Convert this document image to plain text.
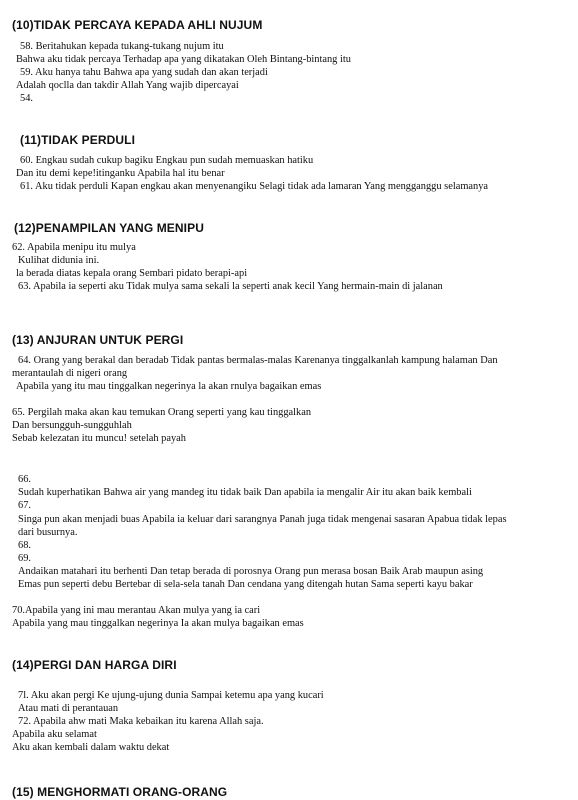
(10)TIDAK PERCAYA KEPADA AHLI NUJUM
58. Beritahukan kepada tukang-tukang nujum itu
Bahwa aku tidak percaya Terhadap apa yang dikatakan Oleh Bintang-bintang itu
59. Aku hanya tahu Bahwa apa yang sudah dan akan terjadi
Adalah qoclla dan takdir Allah Yang wajib dipercayai
54.
(11)TIDAK PERDULI
60. Engkau sudah cukup bagiku Engkau pun sudah memuaskan hatiku
Dan itu demi kepe!itinganku Apabila hal itu benar
61. Aku tidak perduli Kapan engkau akan menyenangiku Selagi tidak ada lamaran Yang mengganggu selamanya
(12)PENAMPILAN YANG MENIPU
62. Apabila menipu itu mulya
Kulihat didunia ini.
la berada diatas kepala orang Sembari pidato berapi-api
63. Apabila ia seperti aku Tidak mulya sama sekali la seperti anak kecil Yang hermain-main di jalanan
(13) ANJURAN UNTUK PERGI
64. Orang yang berakal dan beradab Tidak pantas bermalas-malas Karenanya tinggalkanlah kampung halaman Dan
merantaulah di nigeri orang
Apabila yang itu mau tinggalkan negerinya la akan rnulya bagaikan emas
65. Pergilah maka akan kau temukan Orang seperti yang kau tinggalkan
Dan bersungguh-sungguhlah
Sebab kelezatan itu muncu! setelah payah
66.
Sudah kuperhatikan Bahwa air yang mandeg itu tidak baik Dan apabila ia mengalir Air itu akan baik kembali
67.
Singa pun akan menjadi buas Apabila ia keluar dari sarangnya Panah juga tidak mengenai sasaran Apabua tidak lepas
dari busurnya.
68.
69.
Andaikan matahari itu berhenti Dan tetap berada di porosnya Orang pun merasa bosan Baik Arab maupun asing
Emas pun seperti debu Bertebar di sela-sela tanah Dan cendana yang ditengah hutan Sama seperti kayu bakar
70.Apabila yang ini mau merantau Akan mulya yang ia cari
Apabila yang mau tinggalkan negerinya Ia akan mulya bagaikan emas
(14)PERGI DAN HARGA DIRI
7l. Aku akan pergi Ke ujung-ujung dunia Sampai ketemu apa yang kucari
Atau mati di perantauan
72. Apabila ahw mati Maka kebaikan itu karena Allah saja.
Apabila aku selamat
Aku akan kembali dalam waktu dekat
(15) MENGHORMATI ORANG-ORANG
